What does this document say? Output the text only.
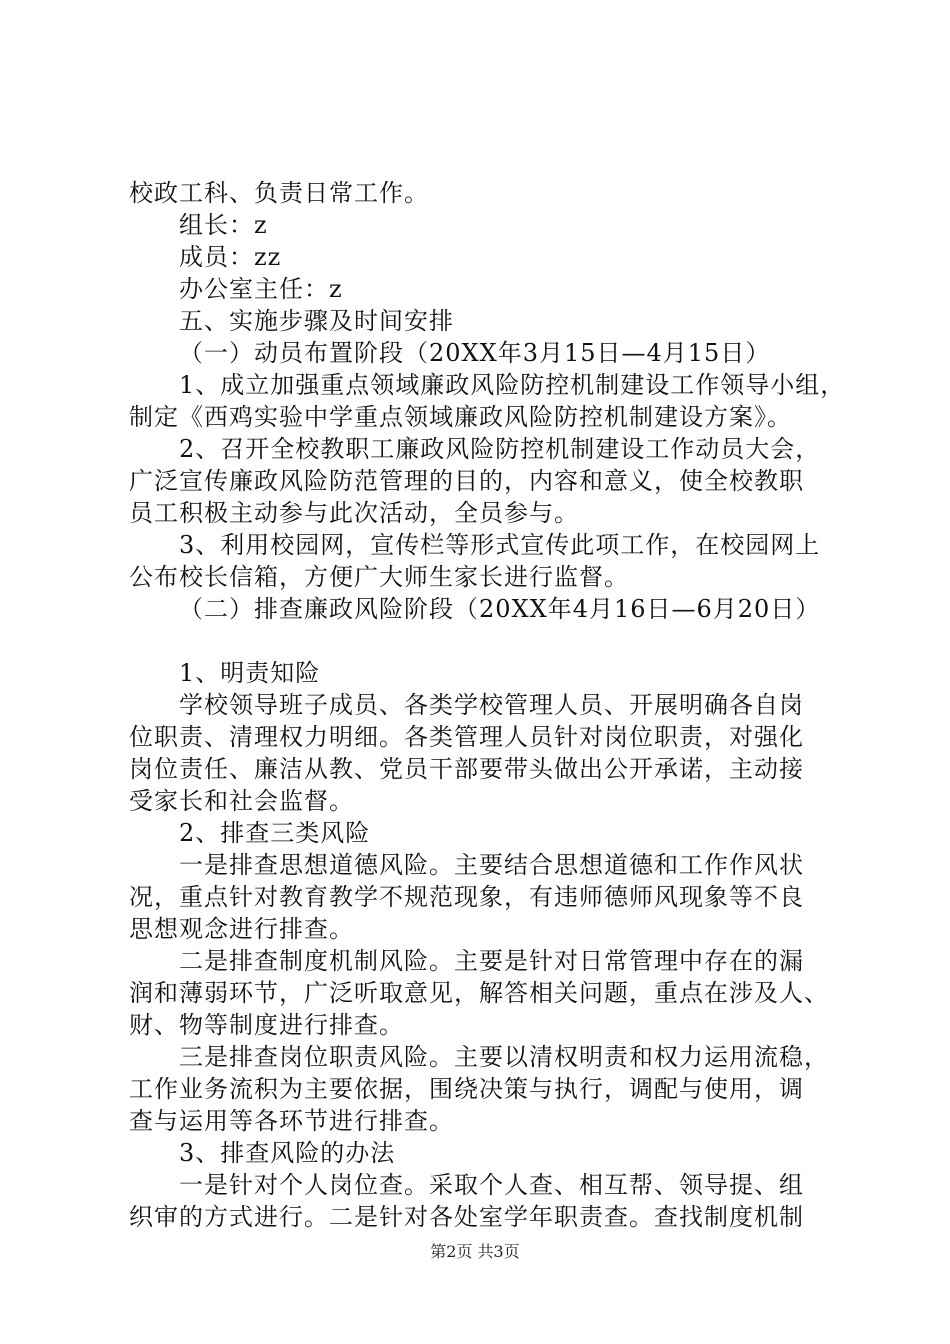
校政工科、负责日常工作。
组长：z
成员：zz
办公室主任：z
五、实施步骤及时间安排
（一）动员布置阶段（20XX年3月15日—4月15日）
1、成立加强重点领域廉政风险防控机制建设工作领导小组，
制定《西鸡实验中学重点领域廉政风险防控机制建设方案》。
2、召开全校教职工廉政风险防控机制建设工作动员大会，
广泛宣传廉政风险防范管理的目的，内容和意义，使全校教职
员工积极主动参与此次活动，全员参与。
3、利用校园网，宣传栏等形式宣传此项工作，在校园网上
公布校长信箱，方便广大师生家长进行监督。
（二）排查廉政风险阶段（20XX年4月16日—6月20日）
1、明责知险
学校领导班子成员、各类学校管理人员、开展明确各自岗
位职责、清理权力明细。各类管理人员针对岗位职责，对强化
岗位责任、廉洁从教、党员干部要带头做出公开承诺，主动接
受家长和社会监督。
2、排查三类风险
一是排查思想道德风险。主要结合思想道德和工作作风状
况，重点针对教育教学不规范现象，有违师德师风现象等不良
思想观念进行排查。
二是排查制度机制风险。主要是针对日常管理中存在的漏
润和薄弱环节，广泛听取意见，解答相关问题，重点在涉及人、
财、物等制度进行排查。
三是排查岗位职责风险。主要以清权明责和权力运用流稳，
工作业务流积为主要依据，围绕决策与执行，调配与使用，调
查与运用等各环节进行排查。
3、排查风险的办法
一是针对个人岗位查。采取个人查、相互帮、领导提、组
织审的方式进行。二是针对各处室学年职责查。查找制度机制
第2页 共3页
